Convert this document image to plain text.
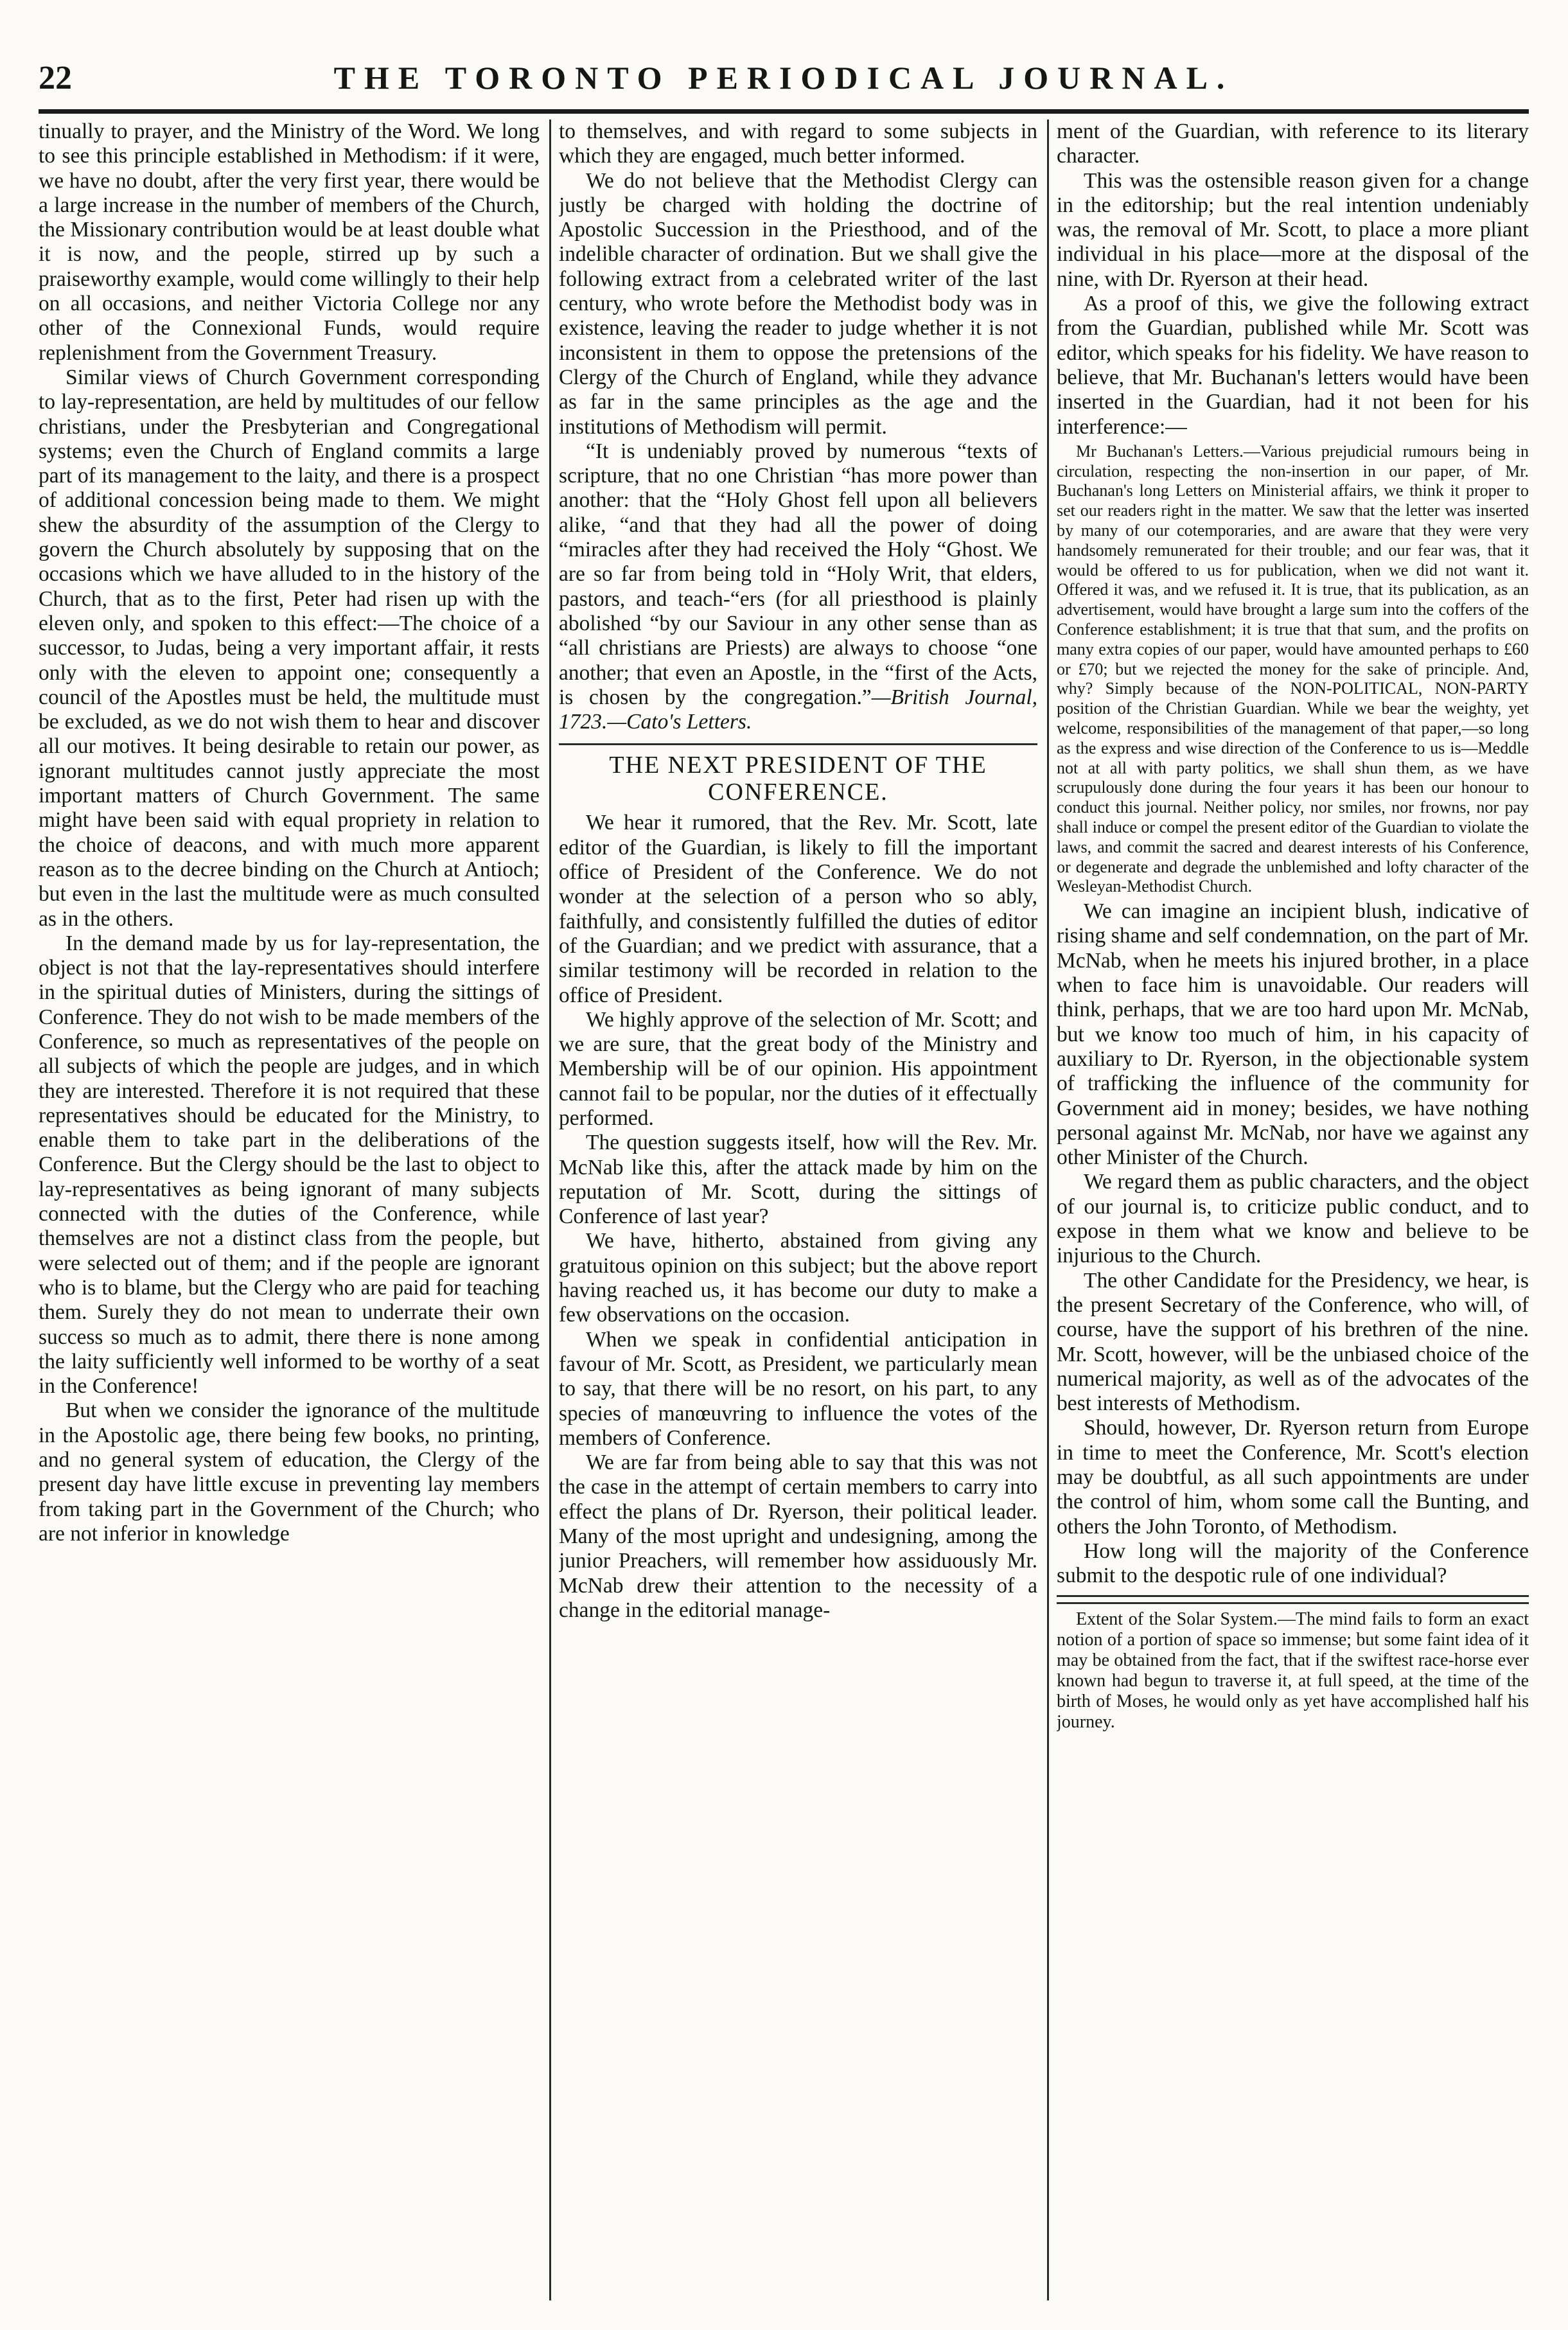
22	THE TORONTO PERIODICAL JOURNAL.

tinually to prayer, and the Ministry of the Word. We long to see this principle established in Methodism: if it were, we have no doubt, after the very first year, there would be a large increase in the number of members of the Church, the Missionary contribution would be at least double what it is now, and the people, stirred up by such a praiseworthy example, would come willingly to their help on all occasions, and neither Victoria College nor any other of the Connexional Funds, would require replenishment from the Government Treasury.

Similar views of Church Government corresponding to lay-representation, are held by multitudes of our fellow christians, under the Presbyterian and Congregational systems; even the Church of England commits a large part of its management to the laity, and there is a prospect of additional concession being made to them. We might shew the absurdity of the assumption of the Clergy to govern the Church absolutely by supposing that on the occasions which we have alluded to in the history of the Church, that as to the first, Peter had risen up with the eleven only, and spoken to this effect:—The choice of a successor, to Judas, being a very important affair, it rests only with the eleven to appoint one; consequently a council of the Apostles must be held, the multitude must be excluded, as we do not wish them to hear and discover all our motives. It being desirable to retain our power, as ignorant multitudes cannot justly appreciate the most important matters of Church Government. The same might have been said with equal propriety in relation to the choice of deacons, and with much more apparent reason as to the decree binding on the Church at Antioch; but even in the last the multitude were as much consulted as in the others.

In the demand made by us for lay-representation, the object is not that the lay-representatives should interfere in the spiritual duties of Ministers, during the sittings of Conference. They do not wish to be made members of the Conference, so much as representatives of the people on all subjects of which the people are judges, and in which they are interested. Therefore it is not required that these representatives should be educated for the Ministry, to enable them to take part in the deliberations of the Conference. But the Clergy should be the last to object to lay-representatives as being ignorant of many subjects connected with the duties of the Conference, while themselves are not a distinct class from the people, but were selected out of them; and if the people are ignorant who is to blame, but the Clergy who are paid for teaching them. Surely they do not mean to underrate their own success so much as to admit, there there is none among the laity sufficiently well informed to be worthy of a seat in the Conference!

But when we consider the ignorance of the multitude in the Apostolic age, there being few books, no printing, and no general system of education, the Clergy of the present day have little excuse in preventing lay members from taking part in the Government of the Church; who are not inferior in knowledge

to themselves, and with regard to some subjects in which they are engaged, much better informed.

We do not believe that the Methodist Clergy can justly be charged with holding the doctrine of Apostolic Succession in the Priesthood, and of the indelible character of ordination. But we shall give the following extract from a celebrated writer of the last century, who wrote before the Methodist body was in existence, leaving the reader to judge whether it is not inconsistent in them to oppose the pretensions of the Clergy of the Church of England, while they advance as far in the same principles as the age and the institutions of Methodism will permit.

“It is undeniably proved by numerous “texts of scripture, that no one Christian “has more power than another: that the “Holy Ghost fell upon all believers alike, “and that they had all the power of doing “miracles after they had received the Holy “Ghost. We are so far from being told in “Holy Writ, that elders, pastors, and teach-“ers (for all priesthood is plainly abolished “by our Saviour in any other sense than as “all christians are Priests) are always to choose “one another; that even an Apostle, in the “first of the Acts, is chosen by the congregation.”—British Journal, 1723.—Cato's Letters.

THE NEXT PRESIDENT OF THE CONFERENCE.

We hear it rumored, that the Rev. Mr. Scott, late editor of the Guardian, is likely to fill the important office of President of the Conference. We do not wonder at the selection of a person who so ably, faithfully, and consistently fulfilled the duties of editor of the Guardian; and we predict with assurance, that a similar testimony will be recorded in relation to the office of President.

We highly approve of the selection of Mr. Scott; and we are sure, that the great body of the Ministry and Membership will be of our opinion. His appointment cannot fail to be popular, nor the duties of it effectually performed.

The question suggests itself, how will the Rev. Mr. McNab like this, after the attack made by him on the reputation of Mr. Scott, during the sittings of Conference of last year?

We have, hitherto, abstained from giving any gratuitous opinion on this subject; but the above report having reached us, it has become our duty to make a few observations on the occasion.

When we speak in confidential anticipation in favour of Mr. Scott, as President, we particularly mean to say, that there will be no resort, on his part, to any species of manœuvring to influence the votes of the members of Conference.

We are far from being able to say that this was not the case in the attempt of certain members to carry into effect the plans of Dr. Ryerson, their political leader. Many of the most upright and undesigning, among the junior Preachers, will remember how assiduously Mr. McNab drew their attention to the necessity of a change in the editorial manage-

ment of the Guardian, with reference to its literary character.

This was the ostensible reason given for a change in the editorship; but the real intention undeniably was, the removal of Mr. Scott, to place a more pliant individual in his place—more at the disposal of the nine, with Dr. Ryerson at their head.

As a proof of this, we give the following extract from the Guardian, published while Mr. Scott was editor, which speaks for his fidelity. We have reason to believe, that Mr. Buchanan's letters would have been inserted in the Guardian, had it not been for his interference:—

Mr Buchanan's Letters.—Various prejudicial rumours being in circulation, respecting the non-insertion in our paper, of Mr. Buchanan's long Letters on Ministerial affairs, we think it proper to set our readers right in the matter. We saw that the letter was inserted by many of our cotemporaries, and are aware that they were very handsomely remunerated for their trouble; and our fear was, that it would be offered to us for publication, when we did not want it. Offered it was, and we refused it. It is true, that its publication, as an advertisement, would have brought a large sum into the coffers of the Conference establishment; it is true that that sum, and the profits on many extra copies of our paper, would have amounted perhaps to £60 or £70; but we rejected the money for the sake of principle. And, why? Simply because of the NON-POLITICAL, NON-PARTY position of the Christian Guardian. While we bear the weighty, yet welcome, responsibilities of the management of that paper,—so long as the express and wise direction of the Conference to us is—Meddle not at all with party politics, we shall shun them, as we have scrupulously done during the four years it has been our honour to conduct this journal. Neither policy, nor smiles, nor frowns, nor pay shall induce or compel the present editor of the Guardian to violate the laws, and commit the sacred and dearest interests of his Conference, or degenerate and degrade the unblemished and lofty character of the Wesleyan-Methodist Church.

We can imagine an incipient blush, indicative of rising shame and self condemnation, on the part of Mr. McNab, when he meets his injured brother, in a place when to face him is unavoidable. Our readers will think, perhaps, that we are too hard upon Mr. McNab, but we know too much of him, in his capacity of auxiliary to Dr. Ryerson, in the objectionable system of trafficking the influence of the community for Government aid in money; besides, we have nothing personal against Mr. McNab, nor have we against any other Minister of the Church.

We regard them as public characters, and the object of our journal is, to criticize public conduct, and to expose in them what we know and believe to be injurious to the Church.

The other Candidate for the Presidency, we hear, is the present Secretary of the Conference, who will, of course, have the support of his brethren of the nine. Mr. Scott, however, will be the unbiased choice of the numerical majority, as well as of the advocates of the best interests of Methodism.

Should, however, Dr. Ryerson return from Europe in time to meet the Conference, Mr. Scott's election may be doubtful, as all such appointments are under the control of him, whom some call the Bunting, and others the John Toronto, of Methodism.

How long will the majority of the Conference submit to the despotic rule of one individual?

Extent of the Solar System.—The mind fails to form an exact notion of a portion of space so immense; but some faint idea of it may be obtained from the fact, that if the swiftest race-horse ever known had begun to traverse it, at full speed, at the time of the birth of Moses, he would only as yet have accomplished half his journey.
